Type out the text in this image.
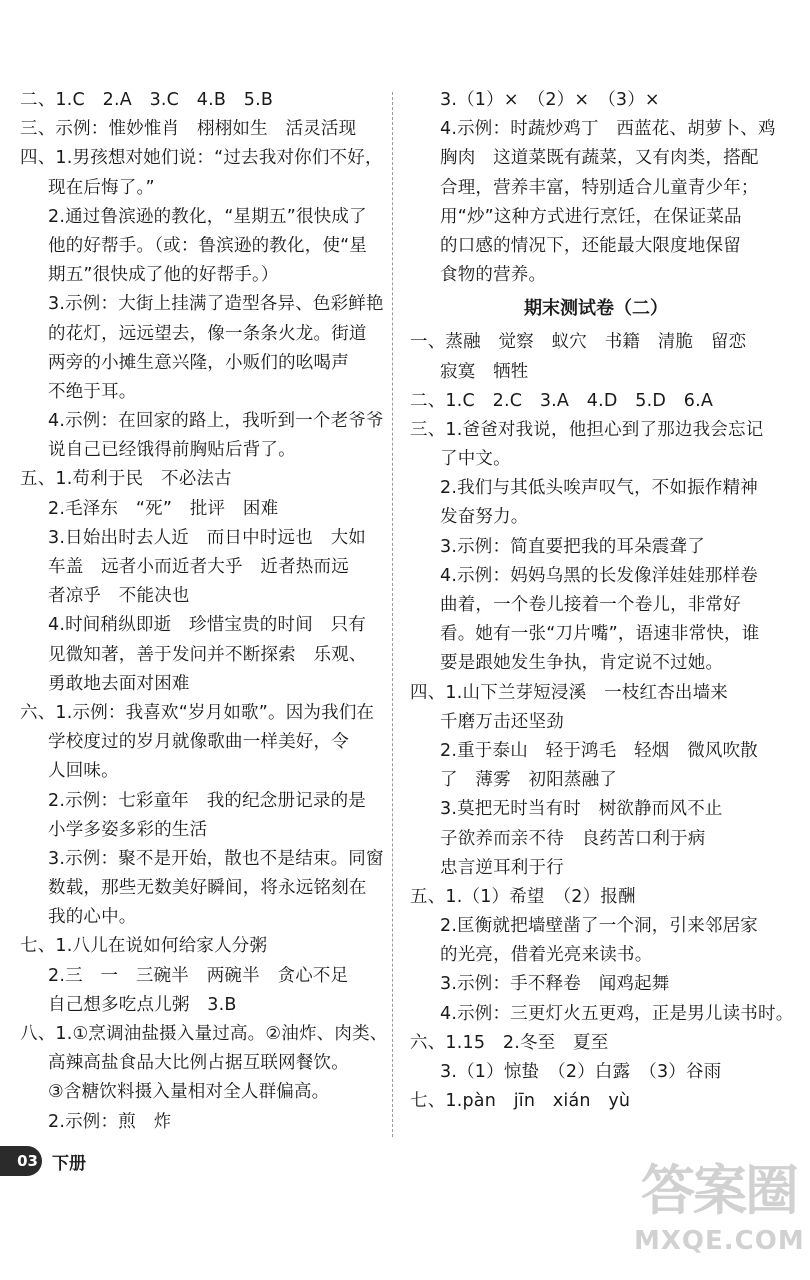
二、1.C　2.A　3.C　4.B　5.B
三、示例：惟妙惟肖　栩栩如生　活灵活现
四、1.男孩想对她们说：“过去我对你们不好，
现在后悔了。”
2.通过鲁滨逊的教化，“星期五”很快成了
他的好帮手。（或：鲁滨逊的教化，使“星
期五”很快成了他的好帮手。）
3.示例：大街上挂满了造型各异、色彩鲜艳
的花灯，远远望去，像一条条火龙。街道
两旁的小摊生意兴隆，小贩们的吆喝声
不绝于耳。
4.示例：在回家的路上，我听到一个老爷爷
说自己已经饿得前胸贴后背了。
五、1.苟利于民　不必法古
2.毛泽东　“死”　批评　困难
3.日始出时去人近　而日中时远也　大如
车盖　远者小而近者大乎　近者热而远
者凉乎　不能决也
4.时间稍纵即逝　珍惜宝贵的时间　只有
见微知著，善于发问并不断探索　乐观、
勇敢地去面对困难
六、1.示例：我喜欢“岁月如歌”。因为我们在
学校度过的岁月就像歌曲一样美好，令
人回味。
2.示例：七彩童年　我的纪念册记录的是
小学多姿多彩的生活
3.示例：聚不是开始，散也不是结束。同窗
数载，那些无数美好瞬间，将永远铭刻在
我的心中。
七、1.八儿在说如何给家人分粥
2.三　一　三碗半　两碗半　贪心不足
自己想多吃点儿粥　3.B
八、1.①烹调油盐摄入量过高。②油炸、肉类、
高辣高盐食品大比例占据互联网餐饮。
③含糖饮料摄入量相对全人群偏高。
2.示例：煎　炸
3.（1）×　（2）×　（3）×
4.示例：时蔬炒鸡丁　西蓝花、胡萝卜、鸡
胸肉　这道菜既有蔬菜，又有肉类，搭配
合理，营养丰富，特别适合儿童青少年；
用“炒”这种方式进行烹饪，在保证菜品
的口感的情况下，还能最大限度地保留
食物的营养。
期末测试卷（二）
一、蒸融　觉察　蚁穴　书籍　清脆　留恋
寂寞　牺牲
二、1.C　2.C　3.A　4.D　5.D　6.A
三、1.爸爸对我说，他担心到了那边我会忘记
了中文。
2.我们与其低头唉声叹气，不如振作精神
发奋努力。
3.示例：简直要把我的耳朵震聋了
4.示例：妈妈乌黑的长发像洋娃娃那样卷
曲着，一个卷儿接着一个卷儿，非常好
看。她有一张“刀片嘴”，语速非常快，谁
要是跟她发生争执，肯定说不过她。
四、1.山下兰芽短浸溪　一枝红杏出墙来
千磨万击还坚劲
2.重于泰山　轻于鸿毛　轻烟　微风吹散
了　薄雾　初阳蒸融了
3.莫把无时当有时　树欲静而风不止
子欲养而亲不待　良药苦口利于病
忠言逆耳利于行
五、1.（1）希望　（2）报酬
2.匡衡就把墙壁凿了一个洞，引来邻居家
的光亮，借着光亮来读书。
3.示例：手不释卷　闻鸡起舞
4.示例：三更灯火五更鸡，正是男儿读书时。
六、1.15　2.冬至　夏至
3.（1）惊蛰　（2）白露　（3）谷雨
七、1.pàn　jīn　xián　yù
03 下册	答案圈
MXQE.COM
